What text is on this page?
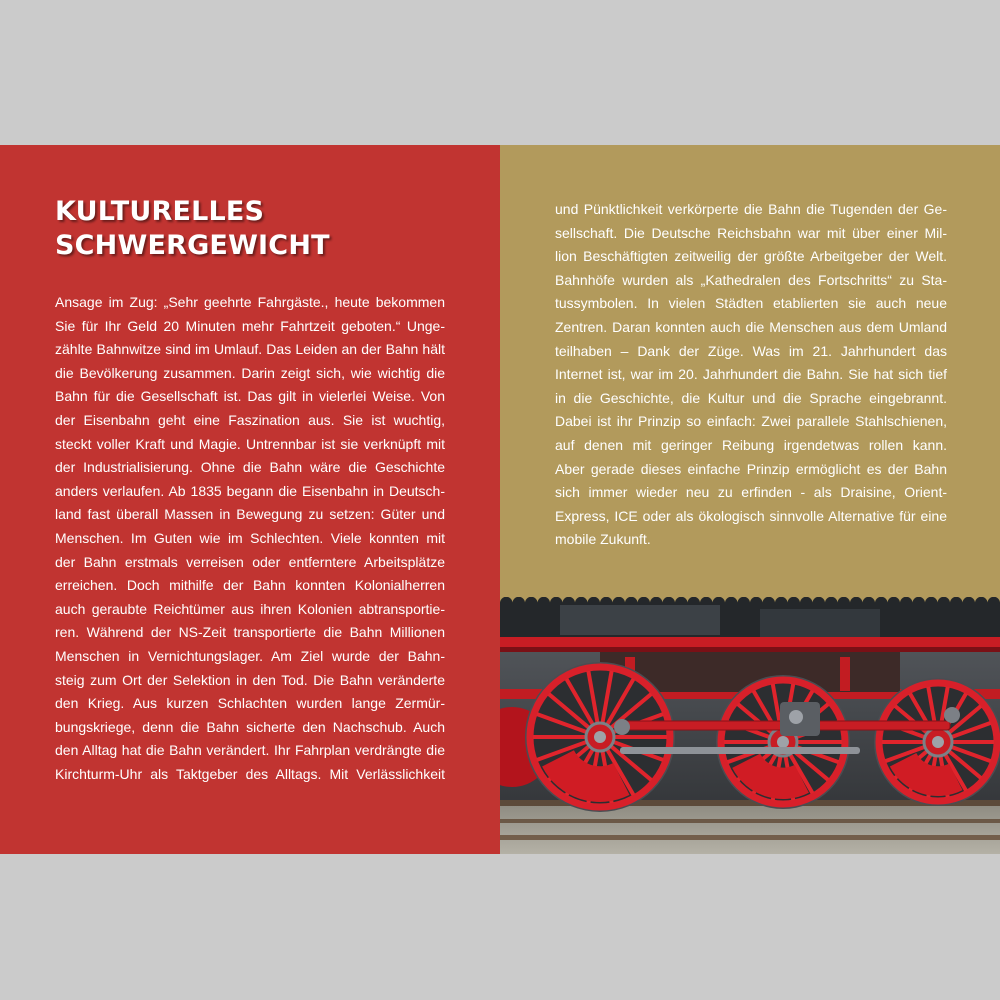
KULTURELLES
SCHWERGEWICHT
Ansage im Zug: „Sehr geehrte Fahrgäste., heute bekommen
Sie für Ihr Geld 20 Minuten mehr Fahrtzeit geboten.“ Unge-
zählte Bahnwitze sind im Umlauf. Das Leiden an der Bahn hält
die Bevölkerung zusammen. Darin zeigt sich, wie wichtig die
Bahn für die Gesellschaft ist. Das gilt in vielerlei Weise. Von
der Eisenbahn geht eine Faszination aus. Sie ist wuchtig,
steckt voller Kraft und Magie. Untrennbar ist sie verknüpft mit
der Industrialisierung. Ohne die Bahn wäre die Geschichte
anders verlaufen. Ab 1835 begann die Eisenbahn in Deutsch-
land fast überall Massen in Bewegung zu setzen: Güter und
Menschen. Im Guten wie im Schlechten. Viele konnten mit
der Bahn erstmals verreisen oder entferntere Arbeitsplätze
erreichen. Doch mithilfe der Bahn konnten Kolonialherren
auch geraubte Reichtümer aus ihren Kolonien abtransportie-
ren. Während der NS-Zeit transportierte die Bahn Millionen
Menschen in Vernichtungslager. Am Ziel wurde der Bahn-
steig zum Ort der Selektion in den Tod. Die Bahn veränderte
den Krieg. Aus kurzen Schlachten wurden lange Zermür-
bungskriege, denn die Bahn sicherte den Nachschub. Auch
den Alltag hat die Bahn verändert. Ihr Fahrplan verdrängte die
Kirchturm-Uhr als Taktgeber des Alltags. Mit Verlässlichkeit
und Pünktlichkeit verkörperte die Bahn die Tugenden der Ge-
sellschaft. Die Deutsche Reichsbahn war mit über einer Mil-
lion Beschäftigten zeitweilig der größte Arbeitgeber der Welt.
Bahnhöfe wurden als „Kathedralen des Fortschritts“ zu Sta-
tussymbolen. In vielen Städten etablierten sie auch neue
Zentren. Daran konnten auch die Menschen aus dem Umland
teilhaben – Dank der Züge. Was im 21. Jahrhundert das
Internet ist, war im 20. Jahrhundert die Bahn. Sie hat sich tief
in die Geschichte, die Kultur und die Sprache eingebrannt.
Dabei ist ihr Prinzip so einfach: Zwei parallele Stahlschienen,
auf denen mit geringer Reibung irgendetwas rollen kann.
Aber gerade dieses einfache Prinzip ermöglicht es der Bahn
sich immer wieder neu zu erfinden - als Draisine, Orient-
Express, ICE oder als ökologisch sinnvolle Alternative für eine
mobile Zukunft.
